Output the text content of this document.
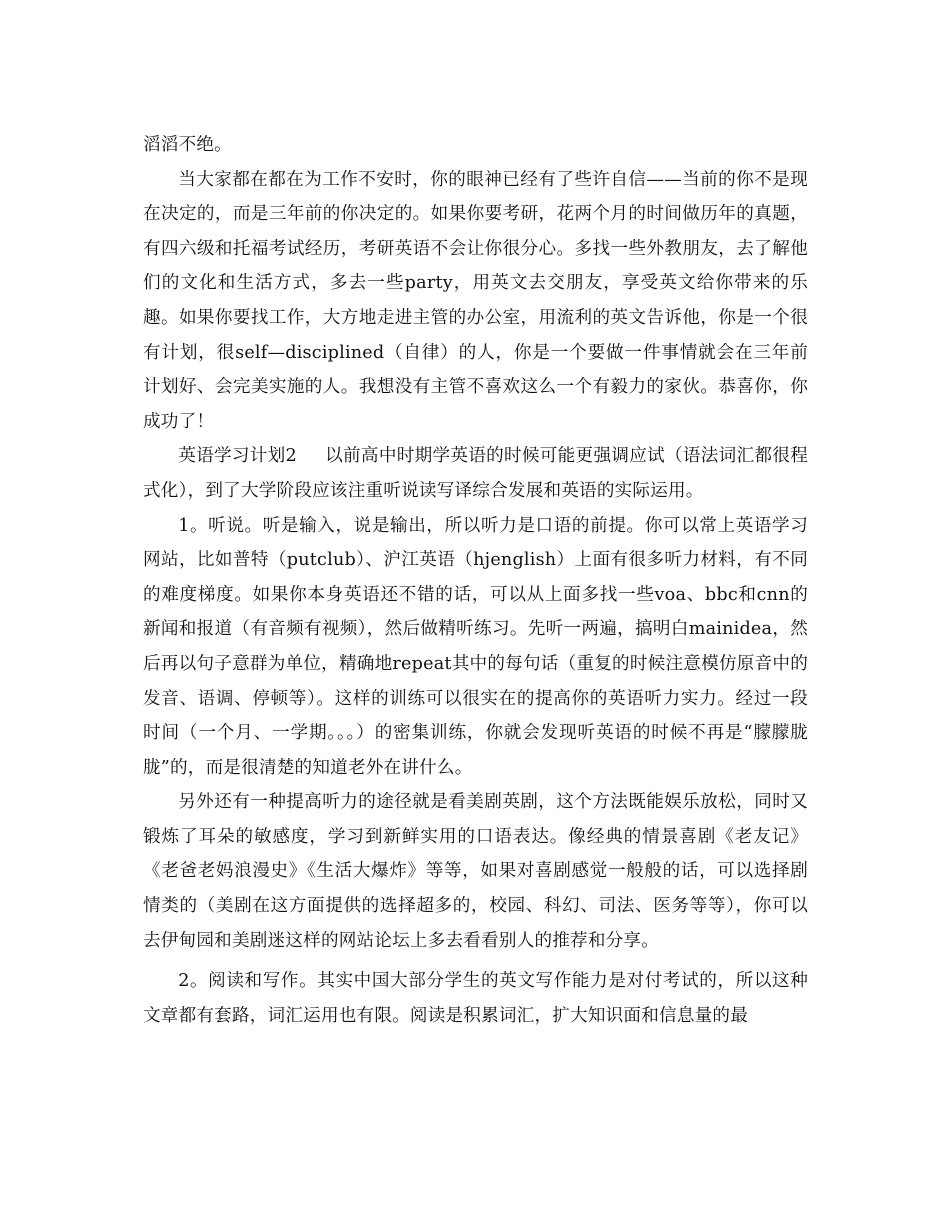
滔滔不绝。

当大家都在都在为工作不安时，你的眼神已经有了些许自信——当前的你不是现在决定的，而是三年前的你决定的。如果你要考研，花两个月的时间做历年的真题，有四六级和托福考试经历，考研英语不会让你很分心。多找一些外教朋友，去了解他们的文化和生活方式，多去一些party，用英文去交朋友，享受英文给你带来的乐趣。如果你要找工作，大方地走进主管的办公室，用流利的英文告诉他，你是一个很有计划，很self—disciplined（自律）的人，你是一个要做一件事情就会在三年前计划好、会完美实施的人。我想没有主管不喜欢这么一个有毅力的家伙。恭喜你，你成功了！

英语学习计划2 以前高中时期学英语的时候可能更强调应试（语法词汇都很程式化），到了大学阶段应该注重听说读写译综合发展和英语的实际运用。

1。听说。听是输入，说是输出，所以听力是口语的前提。你可以常上英语学习网站，比如普特（putclub）、沪江英语（hjenglish）上面有很多听力材料，有不同的难度梯度。如果你本身英语还不错的话，可以从上面多找一些voa、bbc和cnn的新闻和报道（有音频有视频），然后做精听练习。先听一两遍，搞明白mainidea，然后再以句子意群为单位，精确地repeat其中的每句话（重复的时候注意模仿原音中的发音、语调、停顿等）。这样的训练可以很实在的提高你的英语听力实力。经过一段时间（一个月、一学期。。。）的密集训练，你就会发现听英语的时候不再是“朦朦胧胧”的，而是很清楚的知道老外在讲什么。

另外还有一种提高听力的途径就是看美剧英剧，这个方法既能娱乐放松，同时又锻炼了耳朵的敏感度，学习到新鲜实用的口语表达。像经典的情景喜剧《老友记》《老爸老妈浪漫史》《生活大爆炸》等等，如果对喜剧感觉一般般的话，可以选择剧情类的（美剧在这方面提供的选择超多的，校园、科幻、司法、医务等等），你可以去伊甸园和美剧迷这样的网站论坛上多去看看别人的推荐和分享。

2。阅读和写作。其实中国大部分学生的英文写作能力是对付考试的，所以这种文章都有套路，词汇运用也有限。阅读是积累词汇，扩大知识面和信息量的最
